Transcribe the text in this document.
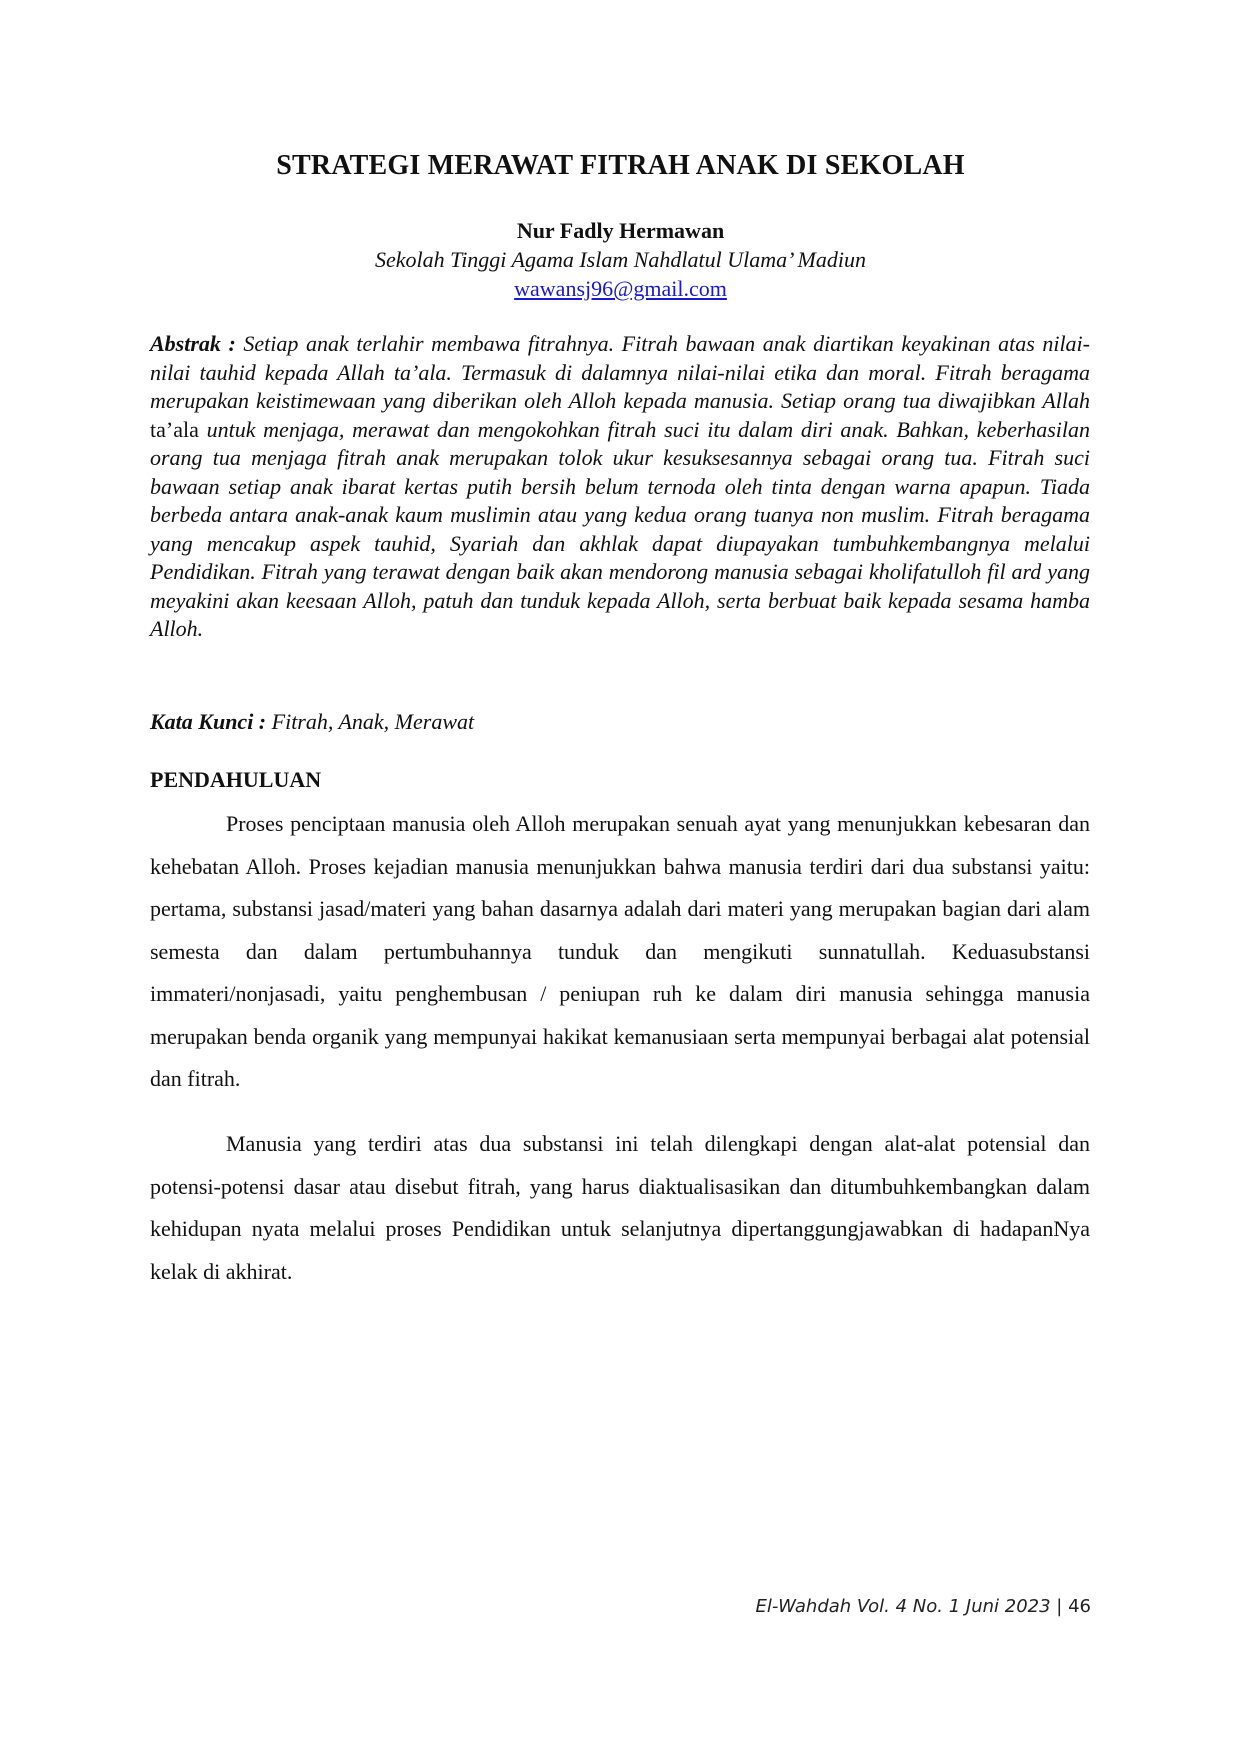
STRATEGI MERAWAT FITRAH ANAK DI SEKOLAH
Nur Fadly Hermawan
Sekolah Tinggi Agama Islam Nahdlatul Ulama’ Madiun
wawansj96@gmail.com
Abstrak : Setiap anak terlahir membawa fitrahnya. Fitrah bawaan anak diartikan keyakinan atas nilai-nilai tauhid kepada Allah ta’ala. Termasuk di dalamnya nilai-nilai etika dan moral. Fitrah beragama merupakan keistimewaan yang diberikan oleh Alloh kepada manusia. Setiap orang tua diwajibkan Allah ta’ala untuk menjaga, merawat dan mengokohkan fitrah suci itu dalam diri anak. Bahkan, keberhasilan orang tua menjaga fitrah anak merupakan tolok ukur kesuksesannya sebagai orang tua. Fitrah suci bawaan setiap anak ibarat kertas putih bersih belum ternoda oleh tinta dengan warna apapun. Tiada berbeda antara anak-anak kaum muslimin atau yang kedua orang tuanya non muslim. Fitrah beragama yang mencakup aspek tauhid, Syariah dan akhlak dapat diupayakan tumbuhkembangnya melalui Pendidikan. Fitrah yang terawat dengan baik akan mendorong manusia sebagai kholifatulloh fil ard yang meyakini akan keesaan Alloh, patuh dan tunduk kepada Alloh, serta berbuat baik kepada sesama hamba Alloh.
Kata Kunci : Fitrah, Anak, Merawat
PENDAHULUAN
Proses penciptaan manusia oleh Alloh merupakan senuah ayat yang menunjukkan kebesaran dan kehebatan Alloh. Proses kejadian manusia menunjukkan bahwa manusia terdiri dari dua substansi yaitu: pertama, substansi jasad/materi yang bahan dasarnya adalah dari materi yang merupakan bagian dari alam semesta dan dalam pertumbuhannya tunduk dan mengikuti sunnatullah. Keduasubstansi immateri/nonjasadi, yaitu penghembusan / peniupan ruh ke dalam diri manusia sehingga manusia merupakan benda organik yang mempunyai hakikat kemanusiaan serta mempunyai berbagai alat potensial dan fitrah.
Manusia yang terdiri atas dua substansi ini telah dilengkapi dengan alat-alat potensial dan potensi-potensi dasar atau disebut fitrah, yang harus diaktualisasikan dan ditumbuhkembangkan dalam kehidupan nyata melalui proses Pendidikan untuk selanjutnya dipertanggungjawabkan di hadapanNya kelak di akhirat.
El-Wahdah Vol. 4 No. 1 Juni 2023 | 46
